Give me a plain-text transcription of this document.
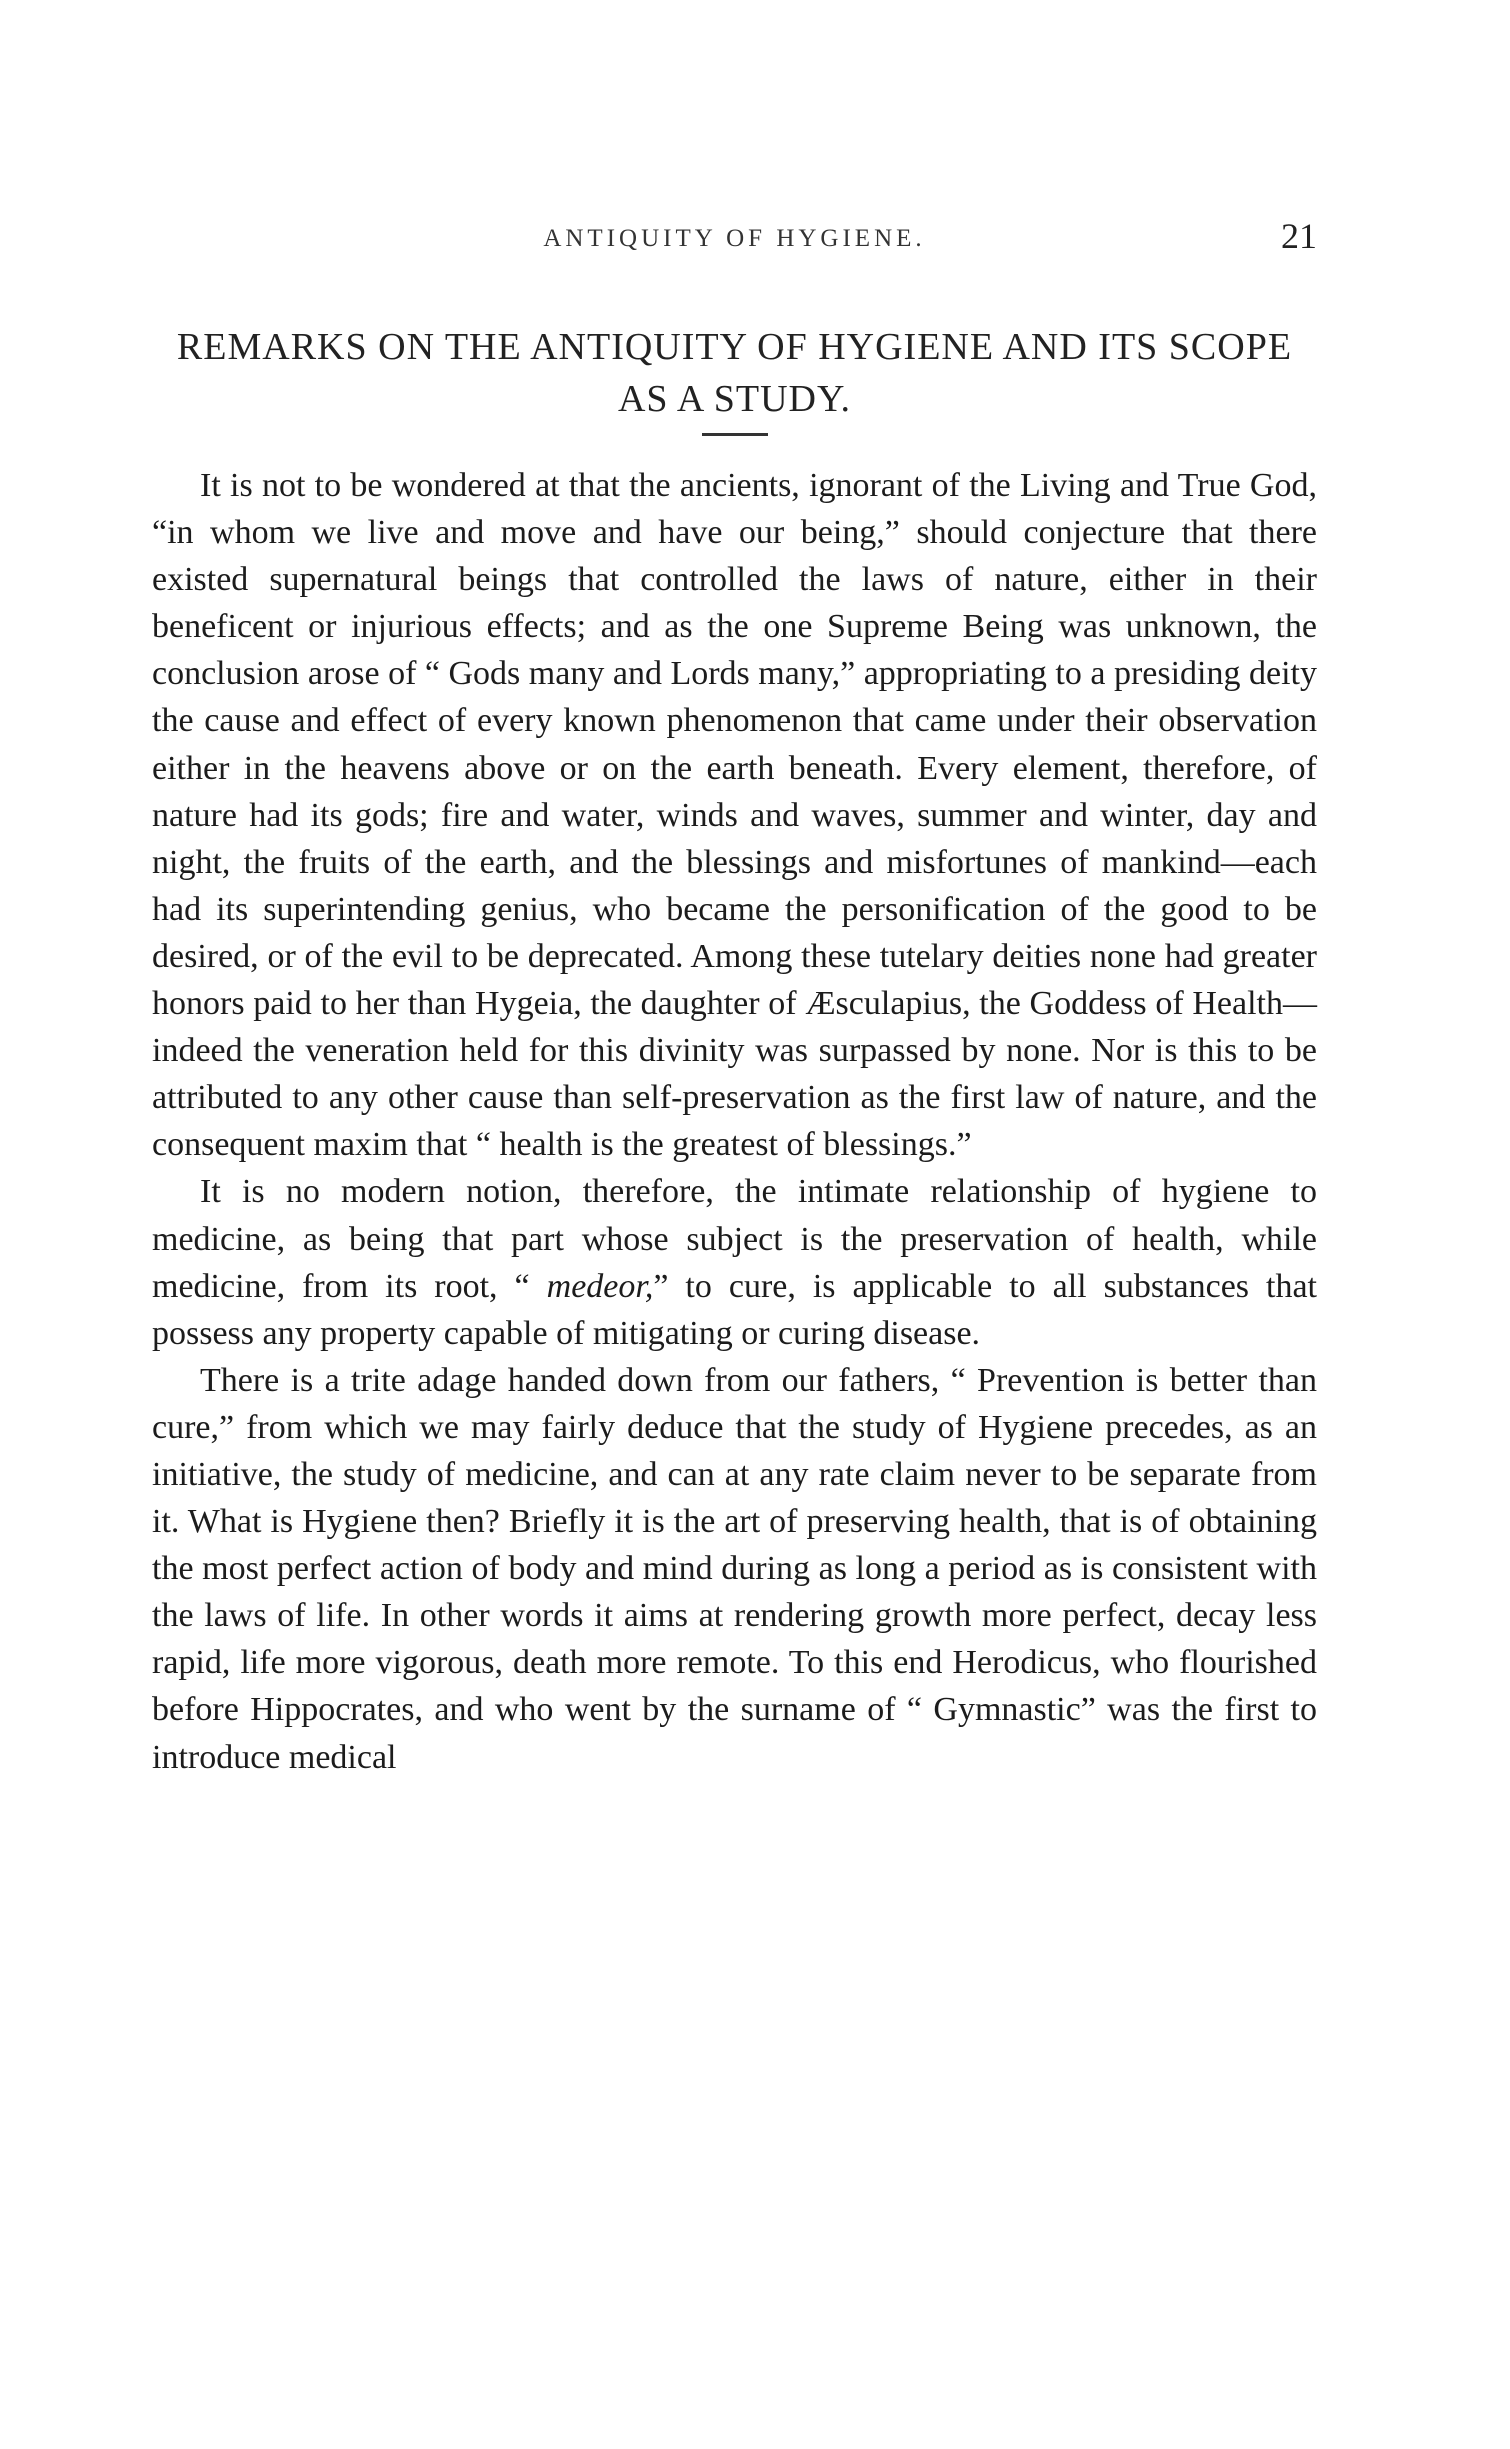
ANTIQUITY OF HYGIENE.	21
REMARKS ON THE ANTIQUITY OF HYGIENE AND ITS SCOPE AS A STUDY.

It is not to be wondered at that the ancients, ignorant of the Living and True God, “in whom we live and move and have our being,” should conjecture that there existed supernatural beings that controlled the laws of nature, either in their beneficent or injurious effects; and as the one Supreme Being was unknown, the conclusion arose of “ Gods many and Lords many,” appropriating to a presiding deity the cause and effect of every known phenomenon that came under their observation either in the heavens above or on the earth beneath. Every element, therefore, of nature had its gods; fire and water, winds and waves, summer and winter, day and night, the fruits of the earth, and the blessings and misfortunes of mankind—each had its superintending genius, who became the personification of the good to be desired, or of the evil to be deprecated. Among these tutelary deities none had greater honors paid to her than Hygeia, the daughter of Æsculapius, the Goddess of Health—indeed the veneration held for this divinity was surpassed by none. Nor is this to be attributed to any other cause than self-preservation as the first law of nature, and the consequent maxim that “ health is the greatest of blessings.”

It is no modern notion, therefore, the intimate relationship of hygiene to medicine, as being that part whose subject is the preservation of health, while medicine, from its root, “ medeor,” to cure, is applicable to all substances that possess any property capable of mitigating or curing disease.

There is a trite adage handed down from our fathers, “ Prevention is better than cure,” from which we may fairly deduce that the study of Hygiene precedes, as an initiative, the study of medicine, and can at any rate claim never to be separate from it. What is Hygiene then? Briefly it is the art of preserving health, that is of obtaining the most perfect action of body and mind during as long a period as is consistent with the laws of life. In other words it aims at rendering growth more perfect, decay less rapid, life more vigorous, death more remote. To this end Herodicus, who flourished before Hippocrates, and who went by the surname of “ Gymnastic” was the first to introduce medical
